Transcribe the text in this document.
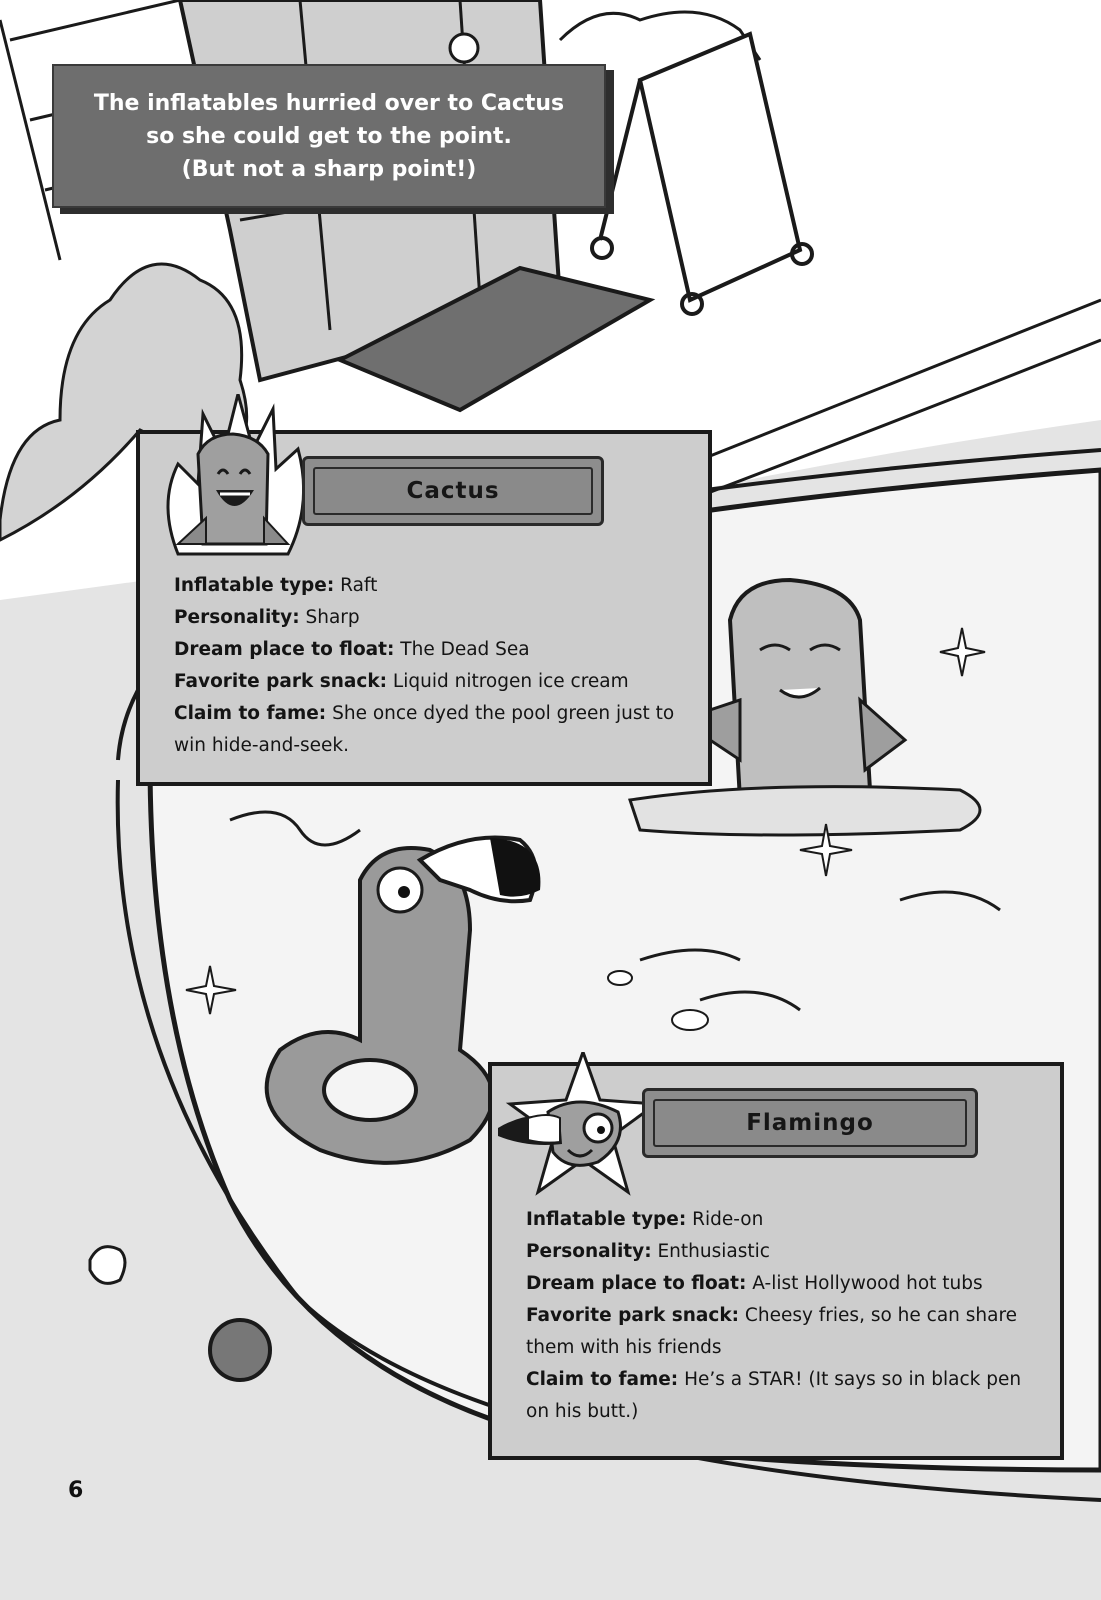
The inflatables hurried over to Cactus
so she could get to the point.
(But not a sharp point!)
Cactus

Inflatable type: Raft

Personality: Sharp

Dream place to float: The Dead Sea

Favorite park snack: Liquid nitrogen ice cream

Claim to fame: She once dyed the pool green just to win hide-and-seek.

Flamingo

Inflatable type: Ride-on

Personality: Enthusiastic

Dream place to float: A-list Hollywood hot tubs

Favorite park snack: Cheesy fries, so he can share them with his friends

Claim to fame: He’s a STAR! (It says so in black pen on his butt.)

6
